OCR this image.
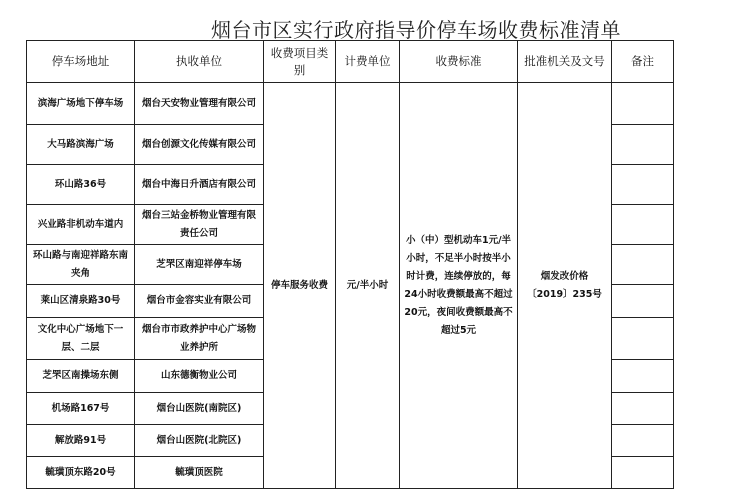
烟台市区实行政府指导价停车场收费标准清单
停车场地址	执收单位	收费项目类别	计费单位	收费标准	批准机关及文号	备注
滨海广场地下停车场	烟台天安物业管理有限公司	停车服务收费	元/半小时	小（中）型机动车1元/半小时，不足半小时按半小时计费，连续停放的，每24小时收费额最高不超过20元，夜间收费额最高不超过5元	烟发改价格〔2019〕235号	
大马路滨海广场	烟台创源文化传媒有限公司					
环山路36号	烟台中海日升酒店有限公司					
兴业路非机动车道内	烟台三站金桥物业管理有限责任公司					
环山路与南迎祥路东南夹角	芝罘区南迎祥停车场					
莱山区清泉路30号	烟台市金容实业有限公司					
文化中心广场地下一层、二层	烟台市市政养护中心广场物业养护所					
芝罘区南操场东侧	山东德衡物业公司					
机场路167号	烟台山医院(南院区)					
解放路91号	烟台山医院(北院区)					
毓璜顶东路20号	毓璜顶医院					
